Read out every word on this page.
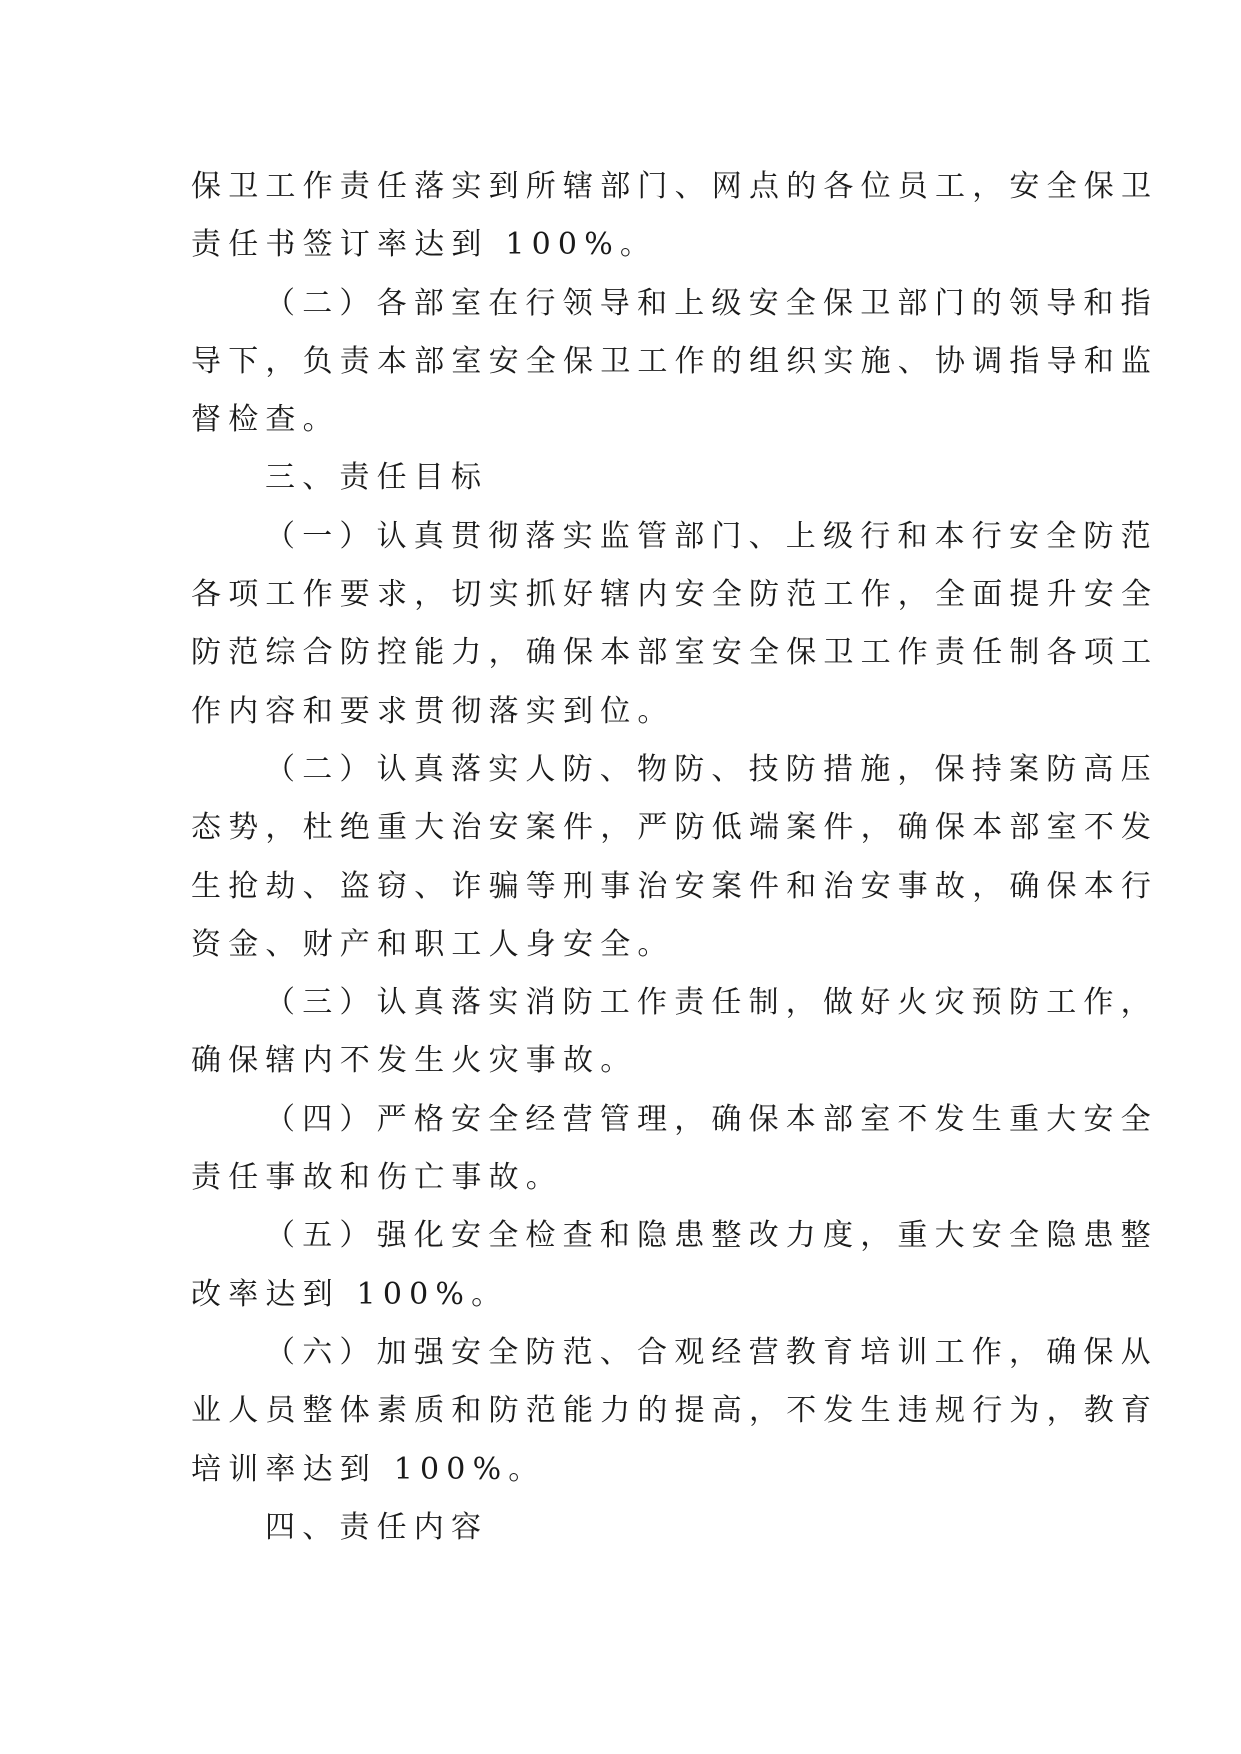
保卫工作责任落实到所辖部门、网点的各位员工，安全保卫
责任书签订率达到 100%。

（二）各部室在行领导和上级安全保卫部门的领导和指
导下，负责本部室安全保卫工作的组织实施、协调指导和监
督检查。

三、责任目标

（一）认真贯彻落实监管部门、上级行和本行安全防范
各项工作要求，切实抓好辖内安全防范工作，全面提升安全
防范综合防控能力，确保本部室安全保卫工作责任制各项工
作内容和要求贯彻落实到位。

（二）认真落实人防、物防、技防措施，保持案防高压
态势，杜绝重大治安案件，严防低端案件，确保本部室不发
生抢劫、盗窃、诈骗等刑事治安案件和治安事故，确保本行
资金、财产和职工人身安全。

（三）认真落实消防工作责任制，做好火灾预防工作，
确保辖内不发生火灾事故。

（四）严格安全经营管理，确保本部室不发生重大安全
责任事故和伤亡事故。

（五）强化安全检查和隐患整改力度，重大安全隐患整
改率达到 100%。

（六）加强安全防范、合观经营教育培训工作，确保从
业人员整体素质和防范能力的提高，不发生违规行为，教育
培训率达到 100%。

四、责任内容
